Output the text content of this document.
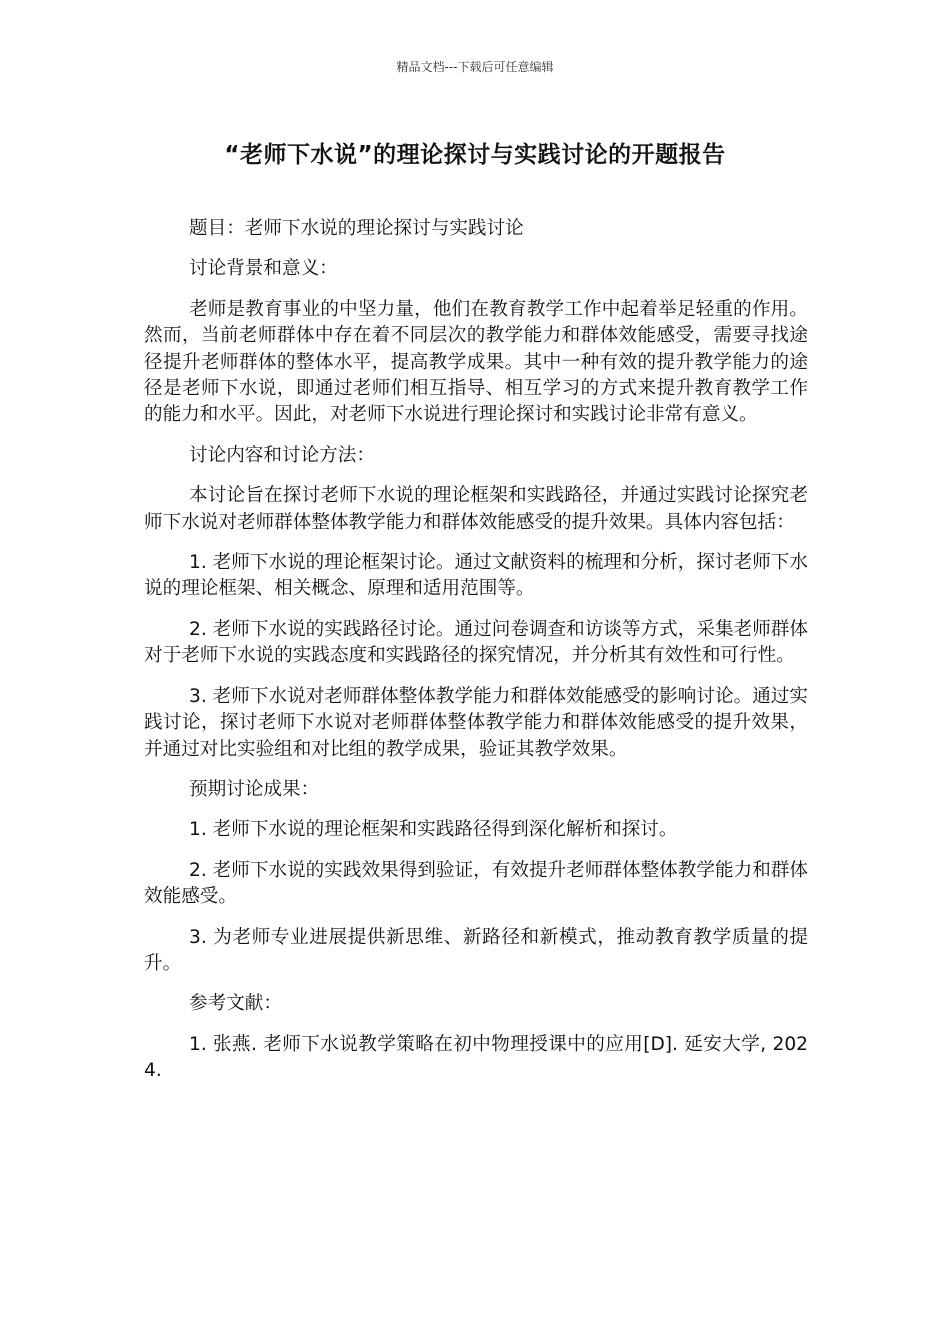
精品文档---下载后可任意编辑
“老师下水说”的理论探讨与实践讨论的开题报告

题目：老师下水说的理论探讨与实践讨论

讨论背景和意义：

老师是教育事业的中坚力量，他们在教育教学工作中起着举足轻重的作用。然而，当前老师群体中存在着不同层次的教学能力和群体效能感受，需要寻找途径提升老师群体的整体水平，提高教学成果。其中一种有效的提升教学能力的途径是老师下水说，即通过老师们相互指导、相互学习的方式来提升教育教学工作的能力和水平。因此，对老师下水说进行理论探讨和实践讨论非常有意义。

讨论内容和讨论方法：

本讨论旨在探讨老师下水说的理论框架和实践路径，并通过实践讨论探究老师下水说对老师群体整体教学能力和群体效能感受的提升效果。具体内容包括：

1. 老师下水说的理论框架讨论。通过文献资料的梳理和分析，探讨老师下水说的理论框架、相关概念、原理和适用范围等。

2. 老师下水说的实践路径讨论。通过问卷调查和访谈等方式，采集老师群体对于老师下水说的实践态度和实践路径的探究情况，并分析其有效性和可行性。

3. 老师下水说对老师群体整体教学能力和群体效能感受的影响讨论。通过实践讨论，探讨老师下水说对老师群体整体教学能力和群体效能感受的提升效果，并通过对比实验组和对比组的教学成果，验证其教学效果。

预期讨论成果：

1. 老师下水说的理论框架和实践路径得到深化解析和探讨。

2. 老师下水说的实践效果得到验证，有效提升老师群体整体教学能力和群体效能感受。

3. 为老师专业进展提供新思维、新路径和新模式，推动教育教学质量的提升。

参考文献：

1. 张燕. 老师下水说教学策略在初中物理授课中的应用[D]. 延安大学, 2024.
